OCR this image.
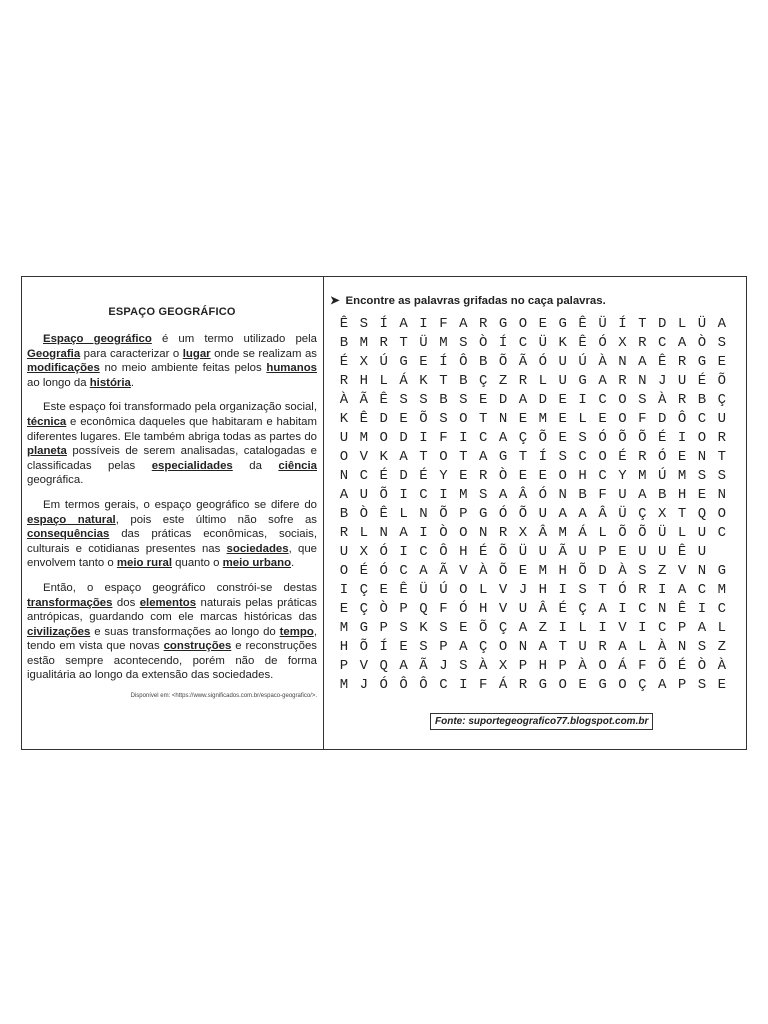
ESPAÇO GEOGRÁFICO

Espaço geográfico é um termo utilizado pela Geografia para caracterizar o lugar onde se realizam as modificações no meio ambiente feitas pelos humanos ao longo da história.

Este espaço foi transformado pela organização social, técnica e econômica daqueles que habitaram e habitam diferentes lugares. Ele também abriga todas as partes do planeta possíveis de serem analisadas, catalogadas e classificadas pelas especialidades da ciência geográfica.

Em termos gerais, o espaço geográfico se difere do espaço natural, pois este último não sofre as consequências das práticas econômicas, sociais, culturais e cotidianas presentes nas sociedades, que envolvem tanto o meio rural quanto o meio urbano.

Então, o espaço geográfico constrói-se destas transformações dos elementos naturais pelas práticas antrópicas, guardando com ele marcas históricas das civilizações e suas transformações ao longo do tempo, tendo em vista que novas construções e reconstruções estão sempre acontecendo, porém não de forma igualitária ao longo da extensão das sociedades.

Disponível em: <https://www.significados.com.br/espaco-geografico/>.
➤ Encontre as palavras grifadas no caça palavras.
Ê S Í A I F A R G O E G Ê Ü Í T D L Ü A
B M R T Ü M S Ò Í C Ü K Ê Ó X R C A Ò S
É X Ú G E Í Ô B Õ Ã Ó U Ú À N A Ê R G E
R H L Á K T B Ç Z R L U G A R N J U É Õ
À Ã Ê S S B S E D A D E I C O S À R B Ç
K Ê D E Õ S O T N E M E L E O F D Ô C U
U M O D I F I C A Ç Õ E S Ó Õ Õ É I O R
O V K A T O T A G T Í S C O É R Ó E N T
N C É D É Y E R Ò E E O H C Y M Ú M S S
A U Õ I C I M S A Â Ó N B F U A B H E N
B Ò Ê L N Õ P G Ó Õ U A A Â Ü Ç X T Q O
R L N A I Ò O N R X Â M Á L Õ Õ Ü L U C
U X Ó I C Ô H É Õ Ü U Ã U P E U U Ê U
O É Ó C A Ã V À Õ E M H Õ D À S Z V N G
I Ç E Ê Ü Ú O L V J H I S T Ó R I A C M
E Ç Ò P Q F Ó H V U Â É Ç A I C N Ê I C
M G P S K S E Õ Ç A Z I L I V I C P A L
H Õ Í E S P A Ç O N A T U R A L À N S Z
P V Q A Ã J S À X P H P À O Á F Õ É Ò À
M J Ó Ô Ô C I F Á R G O E G O Ç A P S E
Fonte: suportegeografico77.blogspot.com.br
